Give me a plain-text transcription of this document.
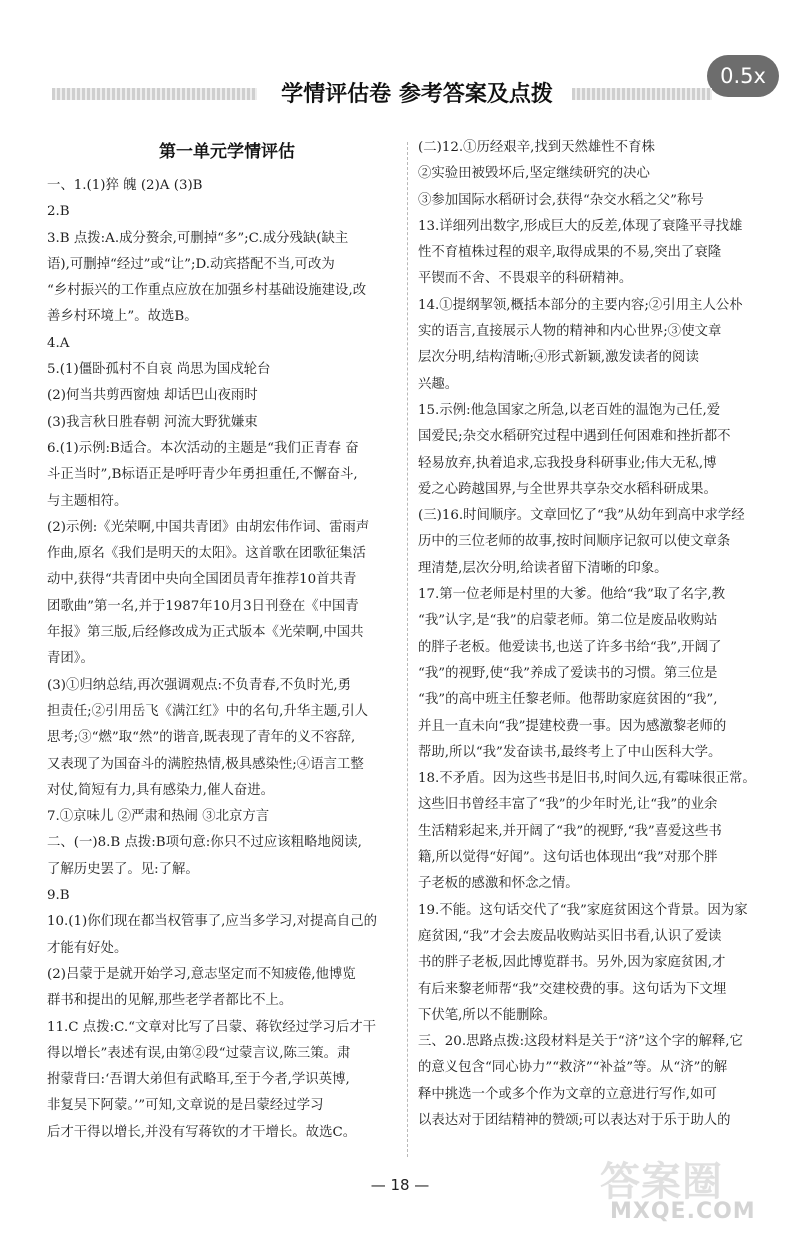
0.5x
学情评估卷 参考答案及点拨
第一单元学情评估
一、1.(1)猝 魄 (2)A (3)B
2.B
3.B 点拨:A.成分赘余,可删掉“多”;C.成分残缺(缺主
语),可删掉“经过”或“让”;D.动宾搭配不当,可改为
“乡村振兴的工作重点应放在加强乡村基础设施建设,改
善乡村环境上”。故选B。
4.A
5.(1)僵卧孤村不自哀 尚思为国戍轮台
(2)何当共剪西窗烛 却话巴山夜雨时
(3)我言秋日胜春朝 河流大野犹嫌束
6.(1)示例:B适合。本次活动的主题是“我们正青春 奋
斗正当时”,B标语正是呼吁青少年勇担重任,不懈奋斗,
与主题相符。
(2)示例:《光荣啊,中国共青团》由胡宏伟作词、雷雨声
作曲,原名《我们是明天的太阳》。这首歌在团歌征集活
动中,获得“共青团中央向全国团员青年推荐10首共青
团歌曲”第一名,并于1987年10月3日刊登在《中国青
年报》第三版,后经修改成为正式版本《光荣啊,中国共
青团》。
(3)①归纳总结,再次强调观点:不负青春,不负时光,勇
担责任;②引用岳飞《满江红》中的名句,升华主题,引人
思考;③“燃”取“然”的谐音,既表现了青年的义不容辞,
又表现了为国奋斗的满腔热情,极具感染性;④语言工整
对仗,简短有力,具有感染力,催人奋进。
7.①京味儿 ②严肃和热闹 ③北京方言
二、(一)8.B 点拨:B项句意:你只不过应该粗略地阅读,
了解历史罢了。见:了解。
9.B
10.(1)你们现在都当权管事了,应当多学习,对提高自己的
才能有好处。
(2)吕蒙于是就开始学习,意志坚定而不知疲倦,他博览
群书和提出的见解,那些老学者都比不上。
11.C 点拨:C.“文章对比写了吕蒙、蒋钦经过学习后才干
得以增长”表述有误,由第②段“过蒙言议,陈三策。肃
拊蒙背曰:‘吾谓大弟但有武略耳,至于今者,学识英博,
非复吴下阿蒙。’”可知,文章说的是吕蒙经过学习
后才干得以增长,并没有写蒋钦的才干增长。故选C。
(二)12.①历经艰辛,找到天然雄性不育株
②实验田被毁坏后,坚定继续研究的决心
③参加国际水稻研讨会,获得“杂交水稻之父”称号
13.详细列出数字,形成巨大的反差,体现了衰隆平寻找雄
性不育植株过程的艰辛,取得成果的不易,突出了衰隆
平锲而不舍、不畏艰辛的科研精神。
14.①提纲挈领,概括本部分的主要内容;②引用主人公朴
实的语言,直接展示人物的精神和内心世界;③使文章
层次分明,结构清晰;④形式新颖,激发读者的阅读
兴趣。
15.示例:他急国家之所急,以老百姓的温饱为己任,爱
国爱民;杂交水稻研究过程中遇到任何困难和挫折都不
轻易放弃,执着追求,忘我投身科研事业;伟大无私,博
爱之心跨越国界,与全世界共享杂交水稻科研成果。
(三)16.时间顺序。文章回忆了“我”从幼年到高中求学经
历中的三位老师的故事,按时间顺序记叙可以使文章条
理清楚,层次分明,给读者留下清晰的印象。
17.第一位老师是村里的大爹。他给“我”取了名字,教
“我”认字,是“我”的启蒙老师。第二位是废品收购站
的胖子老板。他爱读书,也送了许多书给“我”,开阔了
“我”的视野,使“我”养成了爱读书的习惯。第三位是
“我”的高中班主任黎老师。他帮助家庭贫困的“我”,
并且一直未向“我”提建校费一事。因为感激黎老师的
帮助,所以“我”发奋读书,最终考上了中山医科大学。
18.不矛盾。因为这些书是旧书,时间久远,有霉味很正常。
这些旧书曾经丰富了“我”的少年时光,让“我”的业余
生活精彩起来,并开阔了“我”的视野,“我”喜爱这些书
籍,所以觉得“好闻”。这句话也体现出“我”对那个胖
子老板的感激和怀念之情。
19.不能。这句话交代了“我”家庭贫困这个背景。因为家
庭贫困,“我”才会去废品收购站买旧书看,认识了爱读
书的胖子老板,因此博览群书。另外,因为家庭贫困,才
有后来黎老师帮“我”交建校费的事。这句话为下文埋
下伏笔,所以不能删除。
三、20.思路点拨:这段材料是关于“济”这个字的解释,它
的意义包含“同心协力”“救济”“补益”等。从“济”的解
释中挑选一个或多个作为文章的立意进行写作,如可
以表达对于团结精神的赞颂;可以表达对于乐于助人的
— 18 —	答案圈
MXQE.COM
